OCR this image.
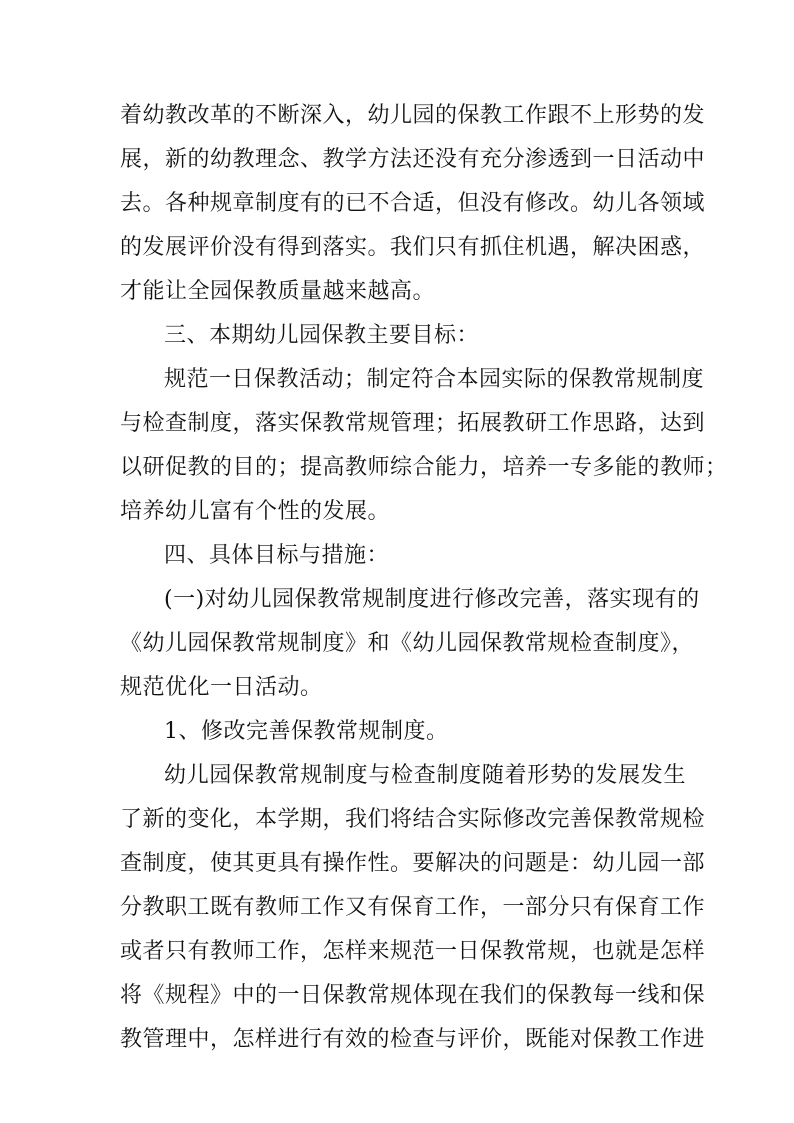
着幼教改革的不断深入，幼儿园的保教工作跟不上形势的发
展，新的幼教理念、教学方法还没有充分渗透到一日活动中
去。各种规章制度有的已不合适，但没有修改。幼儿各领域
的发展评价没有得到落实。我们只有抓住机遇，解决困惑，
才能让全园保教质量越来越高。
三、本期幼儿园保教主要目标：
规范一日保教活动；制定符合本园实际的保教常规制度
与检查制度，落实保教常规管理；拓展教研工作思路，达到
以研促教的目的；提高教师综合能力，培养一专多能的教师；
培养幼儿富有个性的发展。
四、具体目标与措施：
(一)对幼儿园保教常规制度进行修改完善，落实现有的
《幼儿园保教常规制度》和《幼儿园保教常规检查制度》，
规范优化一日活动。
1、修改完善保教常规制度。
幼儿园保教常规制度与检查制度随着形势的发展发生
了新的变化，本学期，我们将结合实际修改完善保教常规检
查制度，使其更具有操作性。要解决的问题是：幼儿园一部
分教职工既有教师工作又有保育工作，一部分只有保育工作
或者只有教师工作，怎样来规范一日保教常规，也就是怎样
将《规程》中的一日保教常规体现在我们的保教每一线和保
教管理中，怎样进行有效的检查与评价，既能对保教工作进
